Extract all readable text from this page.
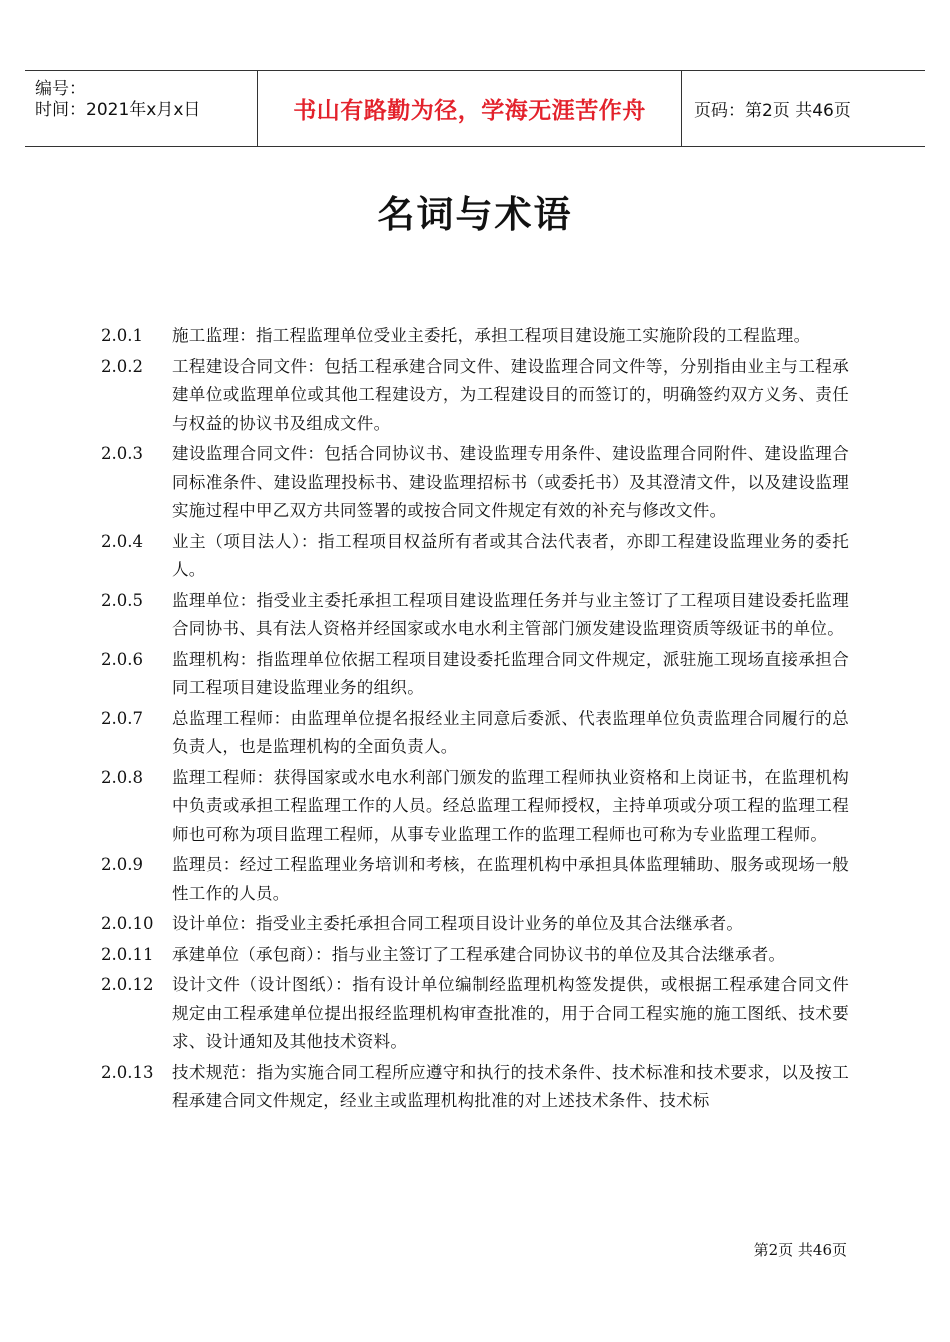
编号：
时间：2021年x月x日	书山有路勤为径，学海无涯苦作舟	页码：第2页 共46页
名词与术语
2.0.1	施工监理：指工程监理单位受业主委托，承担工程项目建设施工实施阶段的工程监理。
2.0.2	工程建设合同文件：包括工程承建合同文件、建设监理合同文件等，分别指由业主与工程承建单位或监理单位或其他工程建设方，为工程建设目的而签订的，明确签约双方义务、责任与权益的协议书及组成文件。
2.0.3	建设监理合同文件：包括合同协议书、建设监理专用条件、建设监理合同附件、建设监理合同标准条件、建设监理投标书、建设监理招标书（或委托书）及其澄清文件，以及建设监理实施过程中甲乙双方共同签署的或按合同文件规定有效的补充与修改文件。
2.0.4	业主（项目法人）：指工程项目权益所有者或其合法代表者，亦即工程建设监理业务的委托人。
2.0.5	监理单位：指受业主委托承担工程项目建设监理任务并与业主签订了工程项目建设委托监理合同协书、具有法人资格并经国家或水电水利主管部门颁发建设监理资质等级证书的单位。
2.0.6	监理机构：指监理单位依据工程项目建设委托监理合同文件规定，派驻施工现场直接承担合同工程项目建设监理业务的组织。
2.0.7	总监理工程师：由监理单位提名报经业主同意后委派、代表监理单位负责监理合同履行的总负责人，也是监理机构的全面负责人。
2.0.8	监理工程师：获得国家或水电水利部门颁发的监理工程师执业资格和上岗证书，在监理机构中负责或承担工程监理工作的人员。经总监理工程师授权，主持单项或分项工程的监理工程师也可称为项目监理工程师，从事专业监理工作的监理工程师也可称为专业监理工程师。
2.0.9	监理员：经过工程监理业务培训和考核，在监理机构中承担具体监理辅助、服务或现场一般性工作的人员。
2.0.10	设计单位：指受业主委托承担合同工程项目设计业务的单位及其合法继承者。
2.0.11	承建单位（承包商）：指与业主签订了工程承建合同协议书的单位及其合法继承者。
2.0.12	设计文件（设计图纸）：指有设计单位编制经监理机构签发提供，或根据工程承建合同文件规定由工程承建单位提出报经监理机构审查批准的，用于合同工程实施的施工图纸、技术要求、设计通知及其他技术资料。
2.0.13	技术规范：指为实施合同工程所应遵守和执行的技术条件、技术标准和技术要求，以及按工程承建合同文件规定，经业主或监理机构批准的对上述技术条件、技术标
第2页 共46页
